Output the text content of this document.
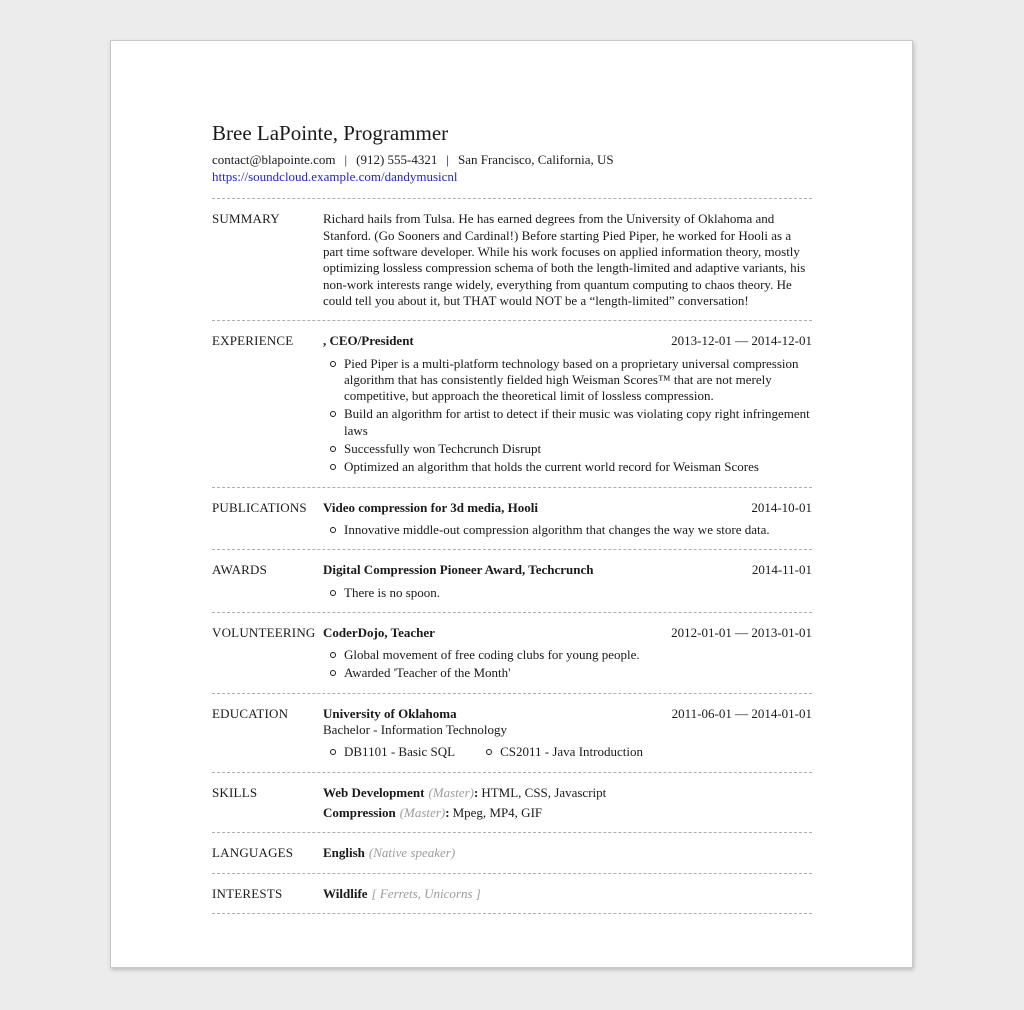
Bree LaPointe, Programmer
contact@blapointe.com | (912) 555-4321 | San Francisco, California, US
https://soundcloud.example.com/dandymusicnl
SUMMARY	Richard hails from Tulsa. He has earned degrees from the University of Oklahoma and Stanford. (Go Sooners and Cardinal!) Before starting Pied Piper, he worked for Hooli as a part time software developer. While his work focuses on applied information theory, mostly optimizing lossless compression schema of both the length-limited and adaptive variants, his non-work interests range widely, everything from quantum computing to chaos theory. He could tell you about it, but THAT would NOT be a “length-limited” conversation!

EXPERIENCE	, CEO/President	2013-12-01 — 2014-12-01
Pied Piper is a multi-platform technology based on a proprietary universal compression algorithm that has consistently fielded high Weisman Scores™ that are not merely competitive, but approach the theoretical limit of lossless compression.
Build an algorithm for artist to detect if their music was violating copy right infringement laws
Successfully won Techcrunch Disrupt
Optimized an algorithm that holds the current world record for Weisman Scores
PUBLICATIONS	Video compression for 3d media, Hooli	2014-10-01
Innovative middle-out compression algorithm that changes the way we store data.
AWARDS	Digital Compression Pioneer Award, Techcrunch	2014-11-01
There is no spoon.
VOLUNTEERING CoderDojo, Teacher	2012-01-01 — 2013-01-01
Global movement of free coding clubs for young people.
Awarded 'Teacher of the Month'
EDUCATION	University of Oklahoma	2011-06-01 — 2014-01-01

Bachelor - Information Technology

DB1101 - Basic SQL	CS2011 - Java Introduction
SKILLS	Web Development (Master): HTML, CSS, Javascript
Compression (Master): Mpeg, MP4, GIF
LANGUAGES	English (Native speaker)
INTERESTS	Wildlife [ Ferrets, Unicorns ]
